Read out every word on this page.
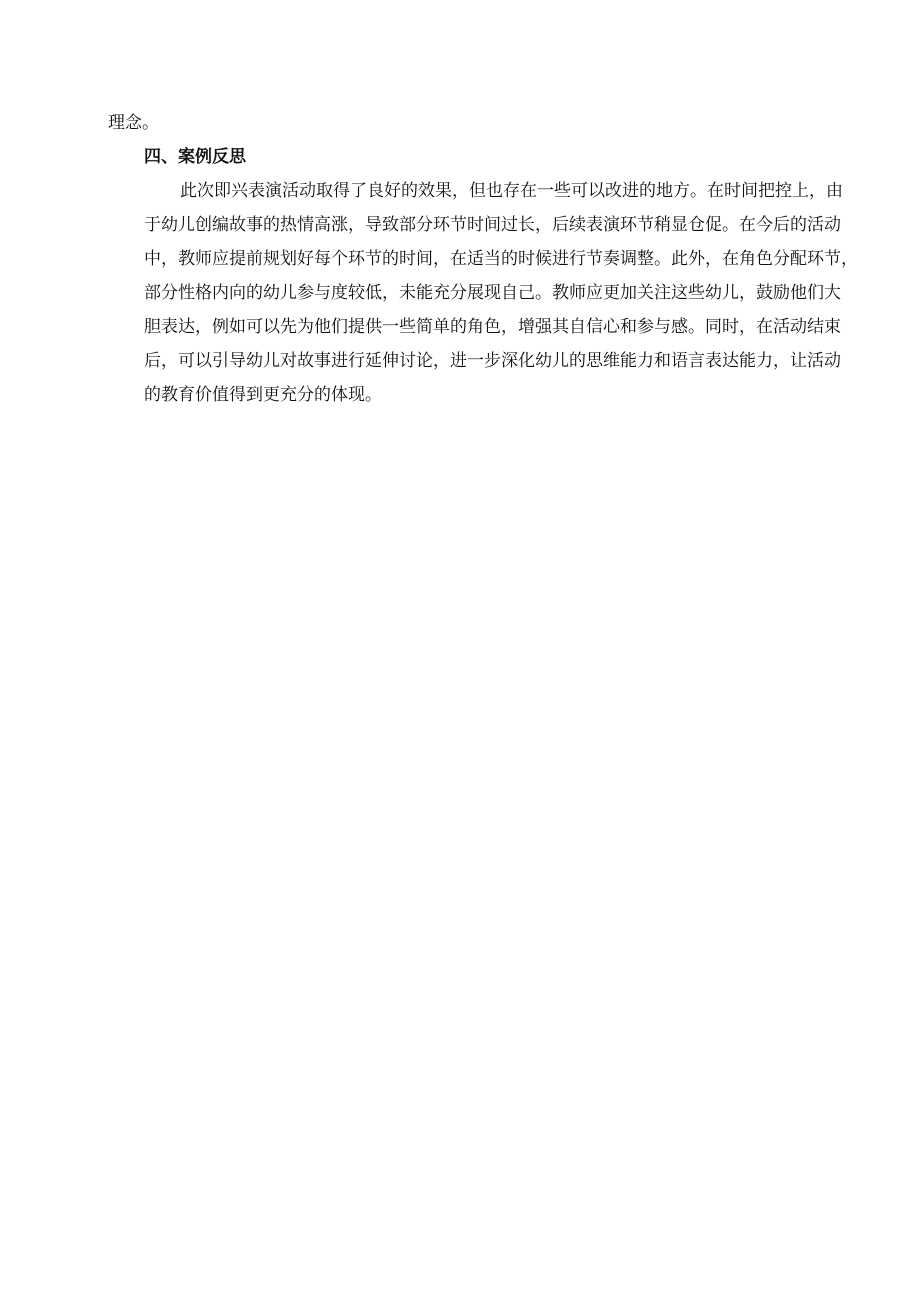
理念。
四、案例反思
此次即兴表演活动取得了良好的效果，但也存在一些可以改进的地方。在时间把控上，由
于幼儿创编故事的热情高涨，导致部分环节时间过长，后续表演环节稍显仓促。在今后的活动
中，教师应提前规划好每个环节的时间，在适当的时候进行节奏调整。此外，在角色分配环节，
部分性格内向的幼儿参与度较低，未能充分展现自己。教师应更加关注这些幼儿，鼓励他们大
胆表达，例如可以先为他们提供一些简单的角色，增强其自信心和参与感。同时，在活动结束
后，可以引导幼儿对故事进行延伸讨论，进一步深化幼儿的思维能力和语言表达能力，让活动
的教育价值得到更充分的体现。
